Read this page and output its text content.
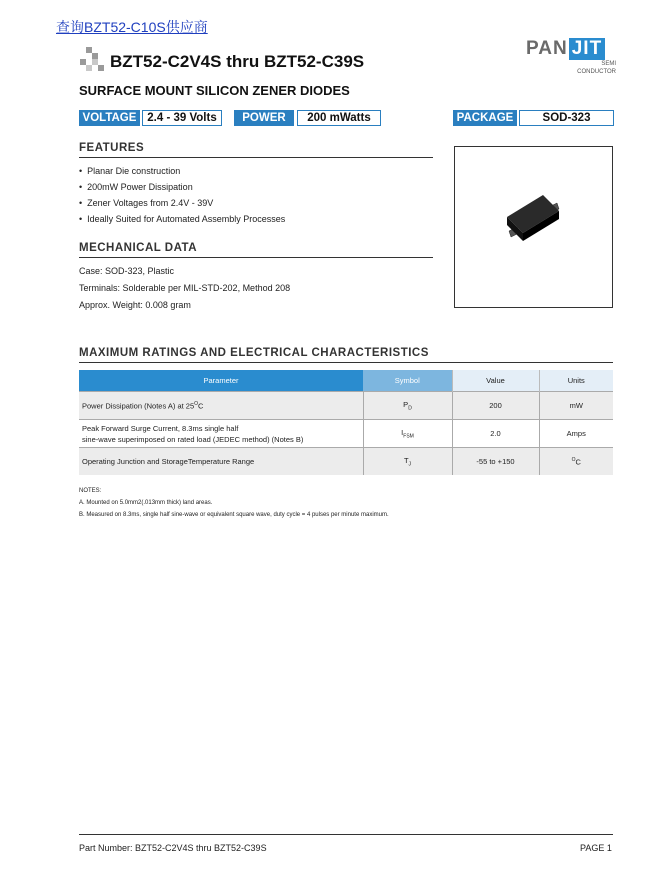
查询BZT52-C10S供应商
BZT52-C2V4S thru BZT52-C39S
PAN JIT
SEMI
CONDUCTOR
SURFACE MOUNT SILICON ZENER DIODES
VOLTAGE 2.4 - 39 Volts	POWER	200 mWatts	PACKAGE	SOD-323
FEATURES
•  Planar Die construction
•  200mW Power Dissipation
•  Zener Voltages from 2.4V - 39V
•  Ideally Suited for Automated Assembly Processes
MECHANICAL DATA
Case: SOD-323, Plastic
Terminals: Solderable per MIL-STD-202, Method 208
Approx. Weight: 0.008 gram
MAXIMUM RATINGS AND ELECTRICAL CHARACTERISTICS
Parameter	Symbol	Value	Units
Power Dissipation (Notes A) at $25^OC$	$P_D$	200	mW
Peak Forward Surge Current, 8.3ms single half
sine-wave superimposed on rated load (JEDEC method) (Notes B)	$I_{FSM}$	2.0	Amps
Operating Junction and StorageTemperature Range	$T_J$	-55 to +150	$^O$C
NOTES:
A. Mounted on 5.0mm2(.013mm thick) land areas.
B. Measured on 8.3ms, single half sine-wave or equivalent square wave, duty cycle = 4 pulses per minute maximum.
Part Number: BZT52-C2V4S thru BZT52-C39S	PAGE 1
